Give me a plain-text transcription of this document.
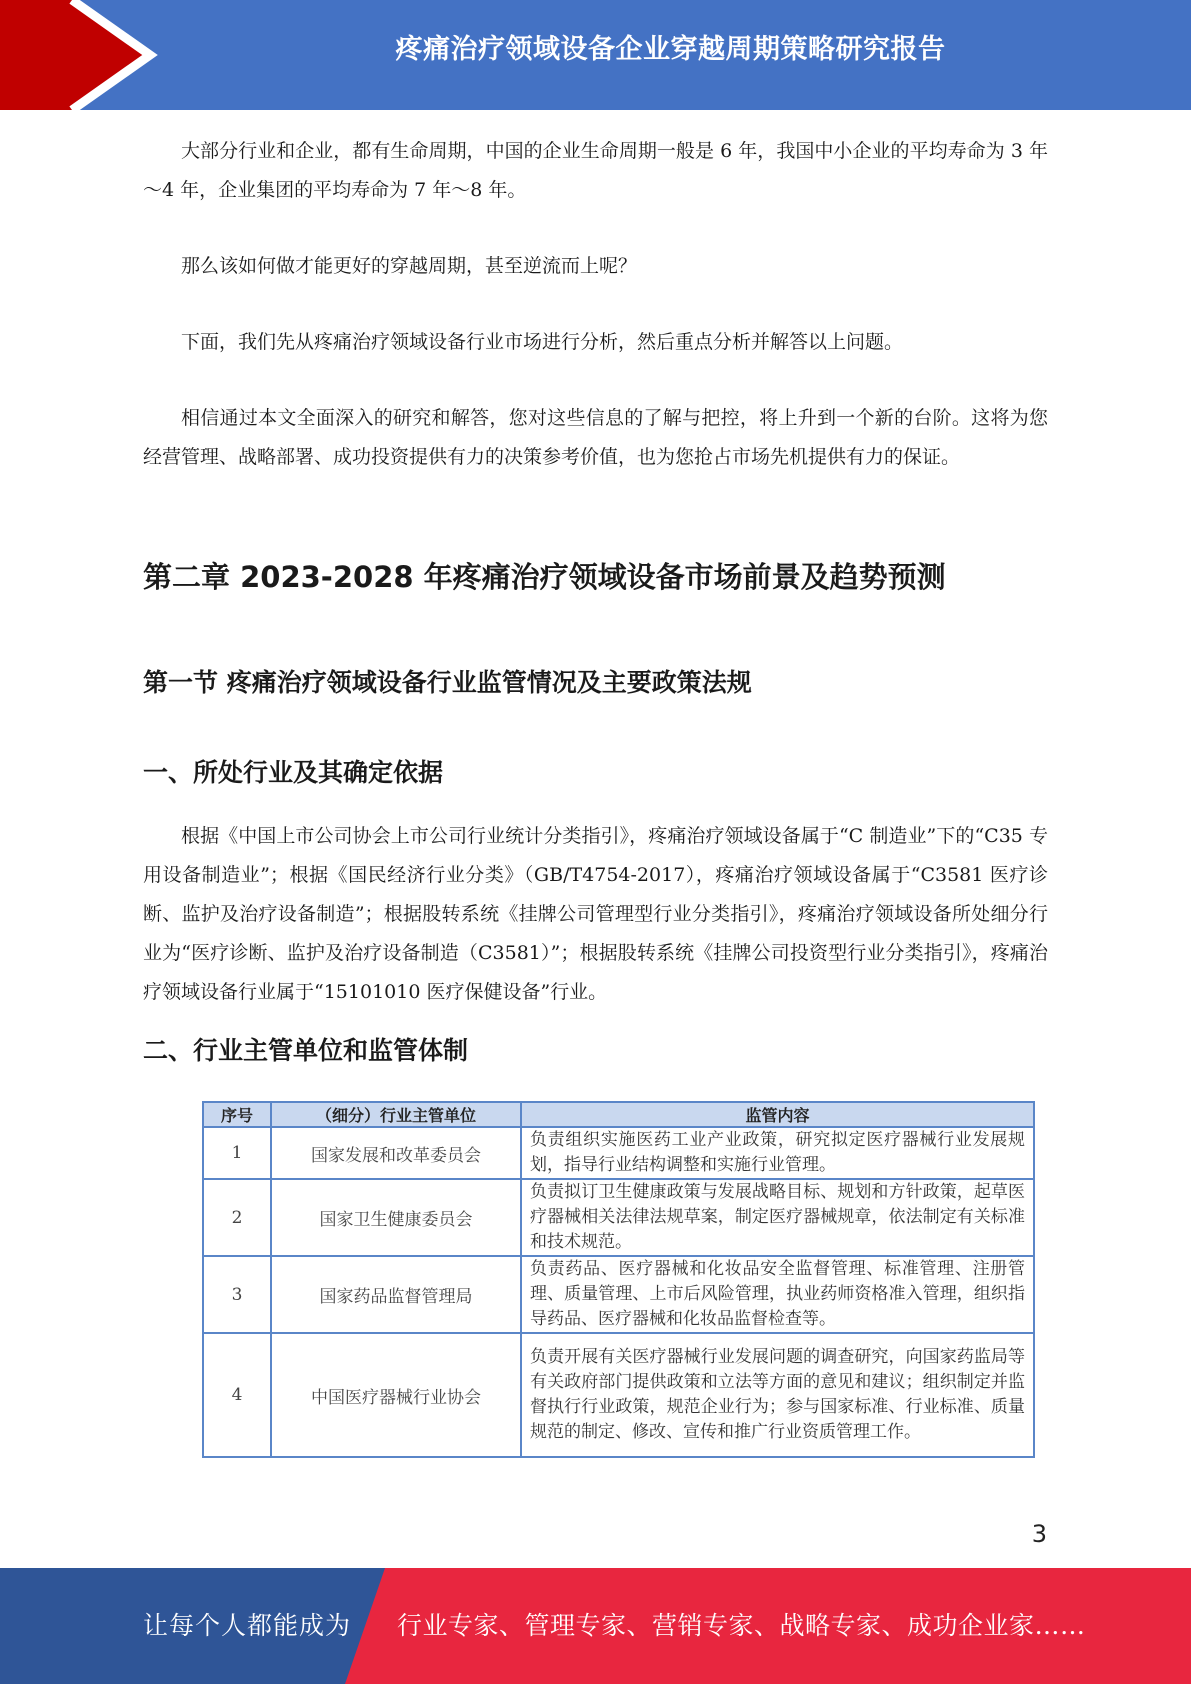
疼痛治疗领域设备企业穿越周期策略研究报告

大部分行业和企业，都有生命周期，中国的企业生命周期一般是 6 年，我国中小企业的平均寿命为 3 年～4 年，企业集团的平均寿命为 7 年～8 年。

那么该如何做才能更好的穿越周期，甚至逆流而上呢？

下面，我们先从疼痛治疗领域设备行业市场进行分析，然后重点分析并解答以上问题。

相信通过本文全面深入的研究和解答，您对这些信息的了解与把控，将上升到一个新的台阶。这将为您经营管理、战略部署、成功投资提供有力的决策参考价值，也为您抢占市场先机提供有力的保证。

第二章 2023-2028 年疼痛治疗领域设备市场前景及趋势预测
第一节 疼痛治疗领域设备行业监管情况及主要政策法规
一、所处行业及其确定依据

根据《中国上市公司协会上市公司行业统计分类指引》，疼痛治疗领域设备属于“C 制造业”下的“C35 专用设备制造业”；根据《国民经济行业分类》（GB/T4754-2017），疼痛治疗领域设备属于“C3581 医疗诊断、监护及治疗设备制造”；根据股转系统《挂牌公司管理型行业分类指引》，疼痛治疗领域设备所处细分行业为“医疗诊断、监护及治疗设备制造（C3581）”；根据股转系统《挂牌公司投资型行业分类指引》，疼痛治疗领域设备行业属于“15101010 医疗保健设备”行业。

二、行业主管单位和监管体制
序号	（细分）行业主管单位	监管内容
1	国家发展和改革委员会	负责组织实施医药工业产业政策，研究拟定医疗器械行业发展规划，指导行业结构调整和实施行业管理。
2	国家卫生健康委员会	负责拟订卫生健康政策与发展战略目标、规划和方针政策，起草医疗器械相关法律法规草案，制定医疗器械规章，依法制定有关标准和技术规范。
3	国家药品监督管理局	负责药品、医疗器械和化妆品安全监督管理、标准管理、注册管理、质量管理、上市后风险管理，执业药师资格准入管理，组织指导药品、医疗器械和化妆品监督检查等。
4	中国医疗器械行业协会	负责开展有关医疗器械行业发展问题的调查研究，向国家药监局等有关政府部门提供政策和立法等方面的意见和建议；组织制定并监督执行行业政策，规范企业行为；参与国家标准、行业标准、质量规范的制定、修改、宣传和推广行业资质管理工作。
3
让每个人都能成为 行业专家、管理专家、营销专家、战略专家、成功企业家……
